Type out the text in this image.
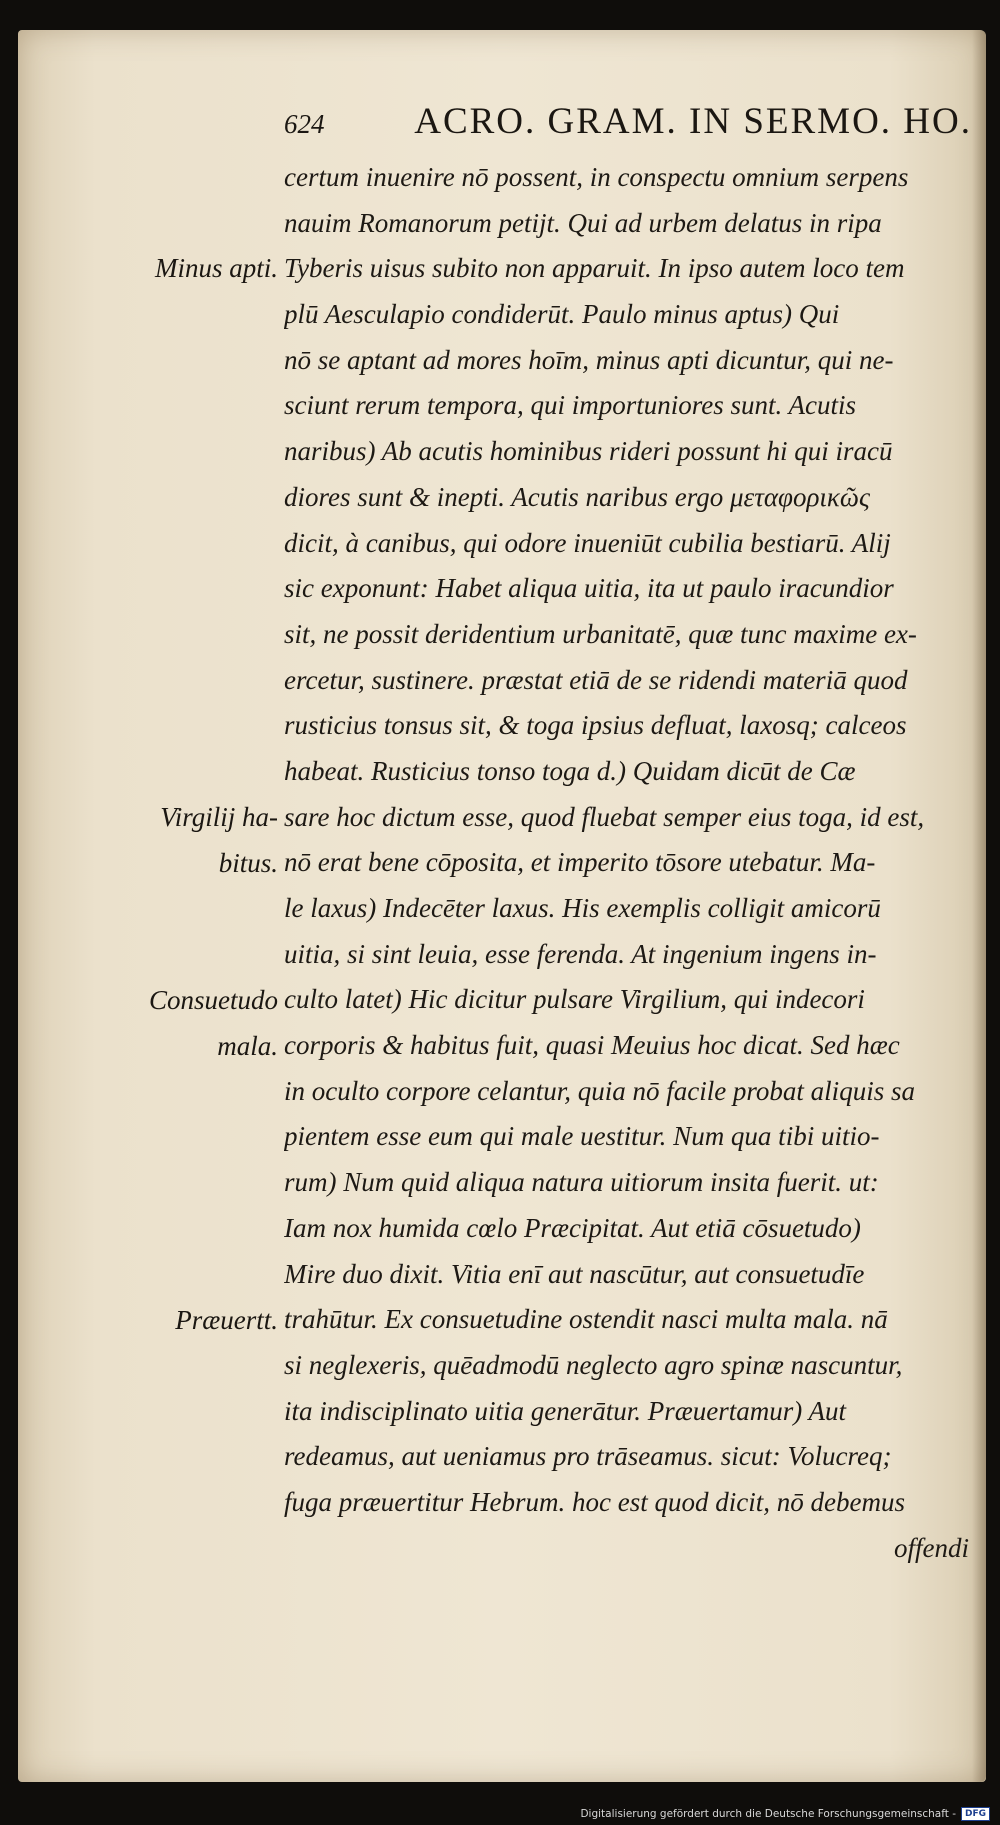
624 ACRO. GRAM. IN SERMO. HO.
Minus apti.
Virgilij ha-
bitus.
Consuetudo
mala.
Præuertt.
certum inuenire nō possent, in conspectu omnium serpens
nauim Romanorum petijt. Qui ad urbem delatus in ripa
Tyberis uisus subito non apparuit. In ipso autem loco tem
plū Aesculapio condiderūt. Paulo minus aptus) Qui
nō se aptant ad mores hoīm, minus apti dicuntur, qui ne-
sciunt rerum tempora, qui importuniores sunt. Acutis
naribus) Ab acutis hominibus rideri possunt hi qui iracū
diores sunt & inepti. Acutis naribus ergo μεταφορικῶς
dicit, à canibus, qui odore inueniūt cubilia bestiarū. Alij
sic exponunt: Habet aliqua uitia, ita ut paulo iracundior
sit, ne possit deridentium urbanitatē, quæ tunc maxime ex-
ercetur, sustinere. præstat etiā de se ridendi materiā quod
rusticius tonsus sit, & toga ipsius defluat, laxosq; calceos
habeat. Rusticius tonso toga d.) Quidam dicūt de Cæ
sare hoc dictum esse, quod fluebat semper eius toga, id est,
nō erat bene cōposita, et imperito tōsore utebatur. Ma-
le laxus) Indecēter laxus. His exemplis colligit amicorū
uitia, si sint leuia, esse ferenda. At ingenium ingens in-
culto latet) Hic dicitur pulsare Virgilium, qui indecori
corporis & habitus fuit, quasi Meuius hoc dicat. Sed hæc
in oculto corpore celantur, quia nō facile probat aliquis sa
pientem esse eum qui male uestitur. Num qua tibi uitio-
rum) Num quid aliqua natura uitiorum insita fuerit. ut:
Iam nox humida cœlo Præcipitat. Aut etiā cōsuetudo)
Mire duo dixit. Vitia enī aut nascūtur, aut consuetudīe
trahūtur. Ex consuetudine ostendit nasci multa mala. nā
si neglexeris, quēadmodū neglecto agro spinæ nascuntur,
ita indisciplinato uitia generātur. Præuertamur) Aut
redeamus, aut ueniamus pro trāseamus. sicut: Volucreq;
fuga præuertitur Hebrum. hoc est quod dicit, nō debemus
offendi
Digitalisierung gefördert durch die Deutsche Forschungsgemeinschaft -	DFG
